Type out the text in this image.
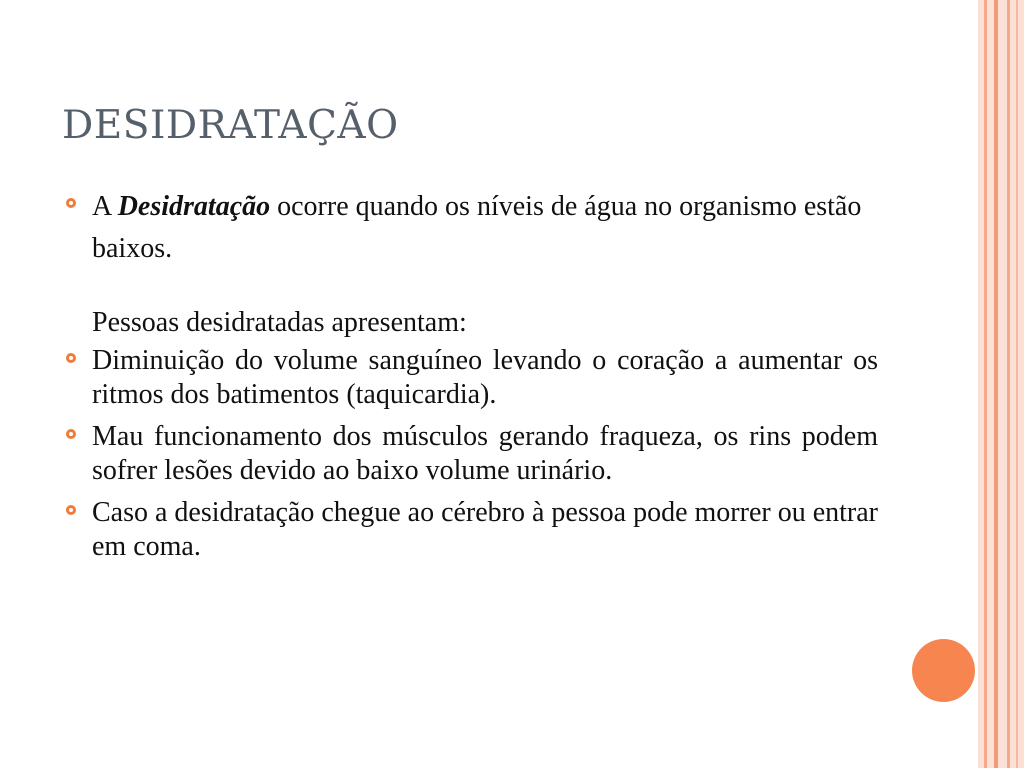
DESIDRATAÇÃO
A Desidratação ocorre quando os níveis de água no organismo estão baixos.
Pessoas desidratadas apresentam:
Diminuição do volume sanguíneo levando o coração a aumentar os ritmos dos batimentos (taquicardia).
Mau funcionamento dos músculos gerando fraqueza, os rins podem sofrer lesões devido ao baixo volume urinário.
Caso a desidratação chegue ao cérebro à pessoa pode morrer ou entrar em coma.
